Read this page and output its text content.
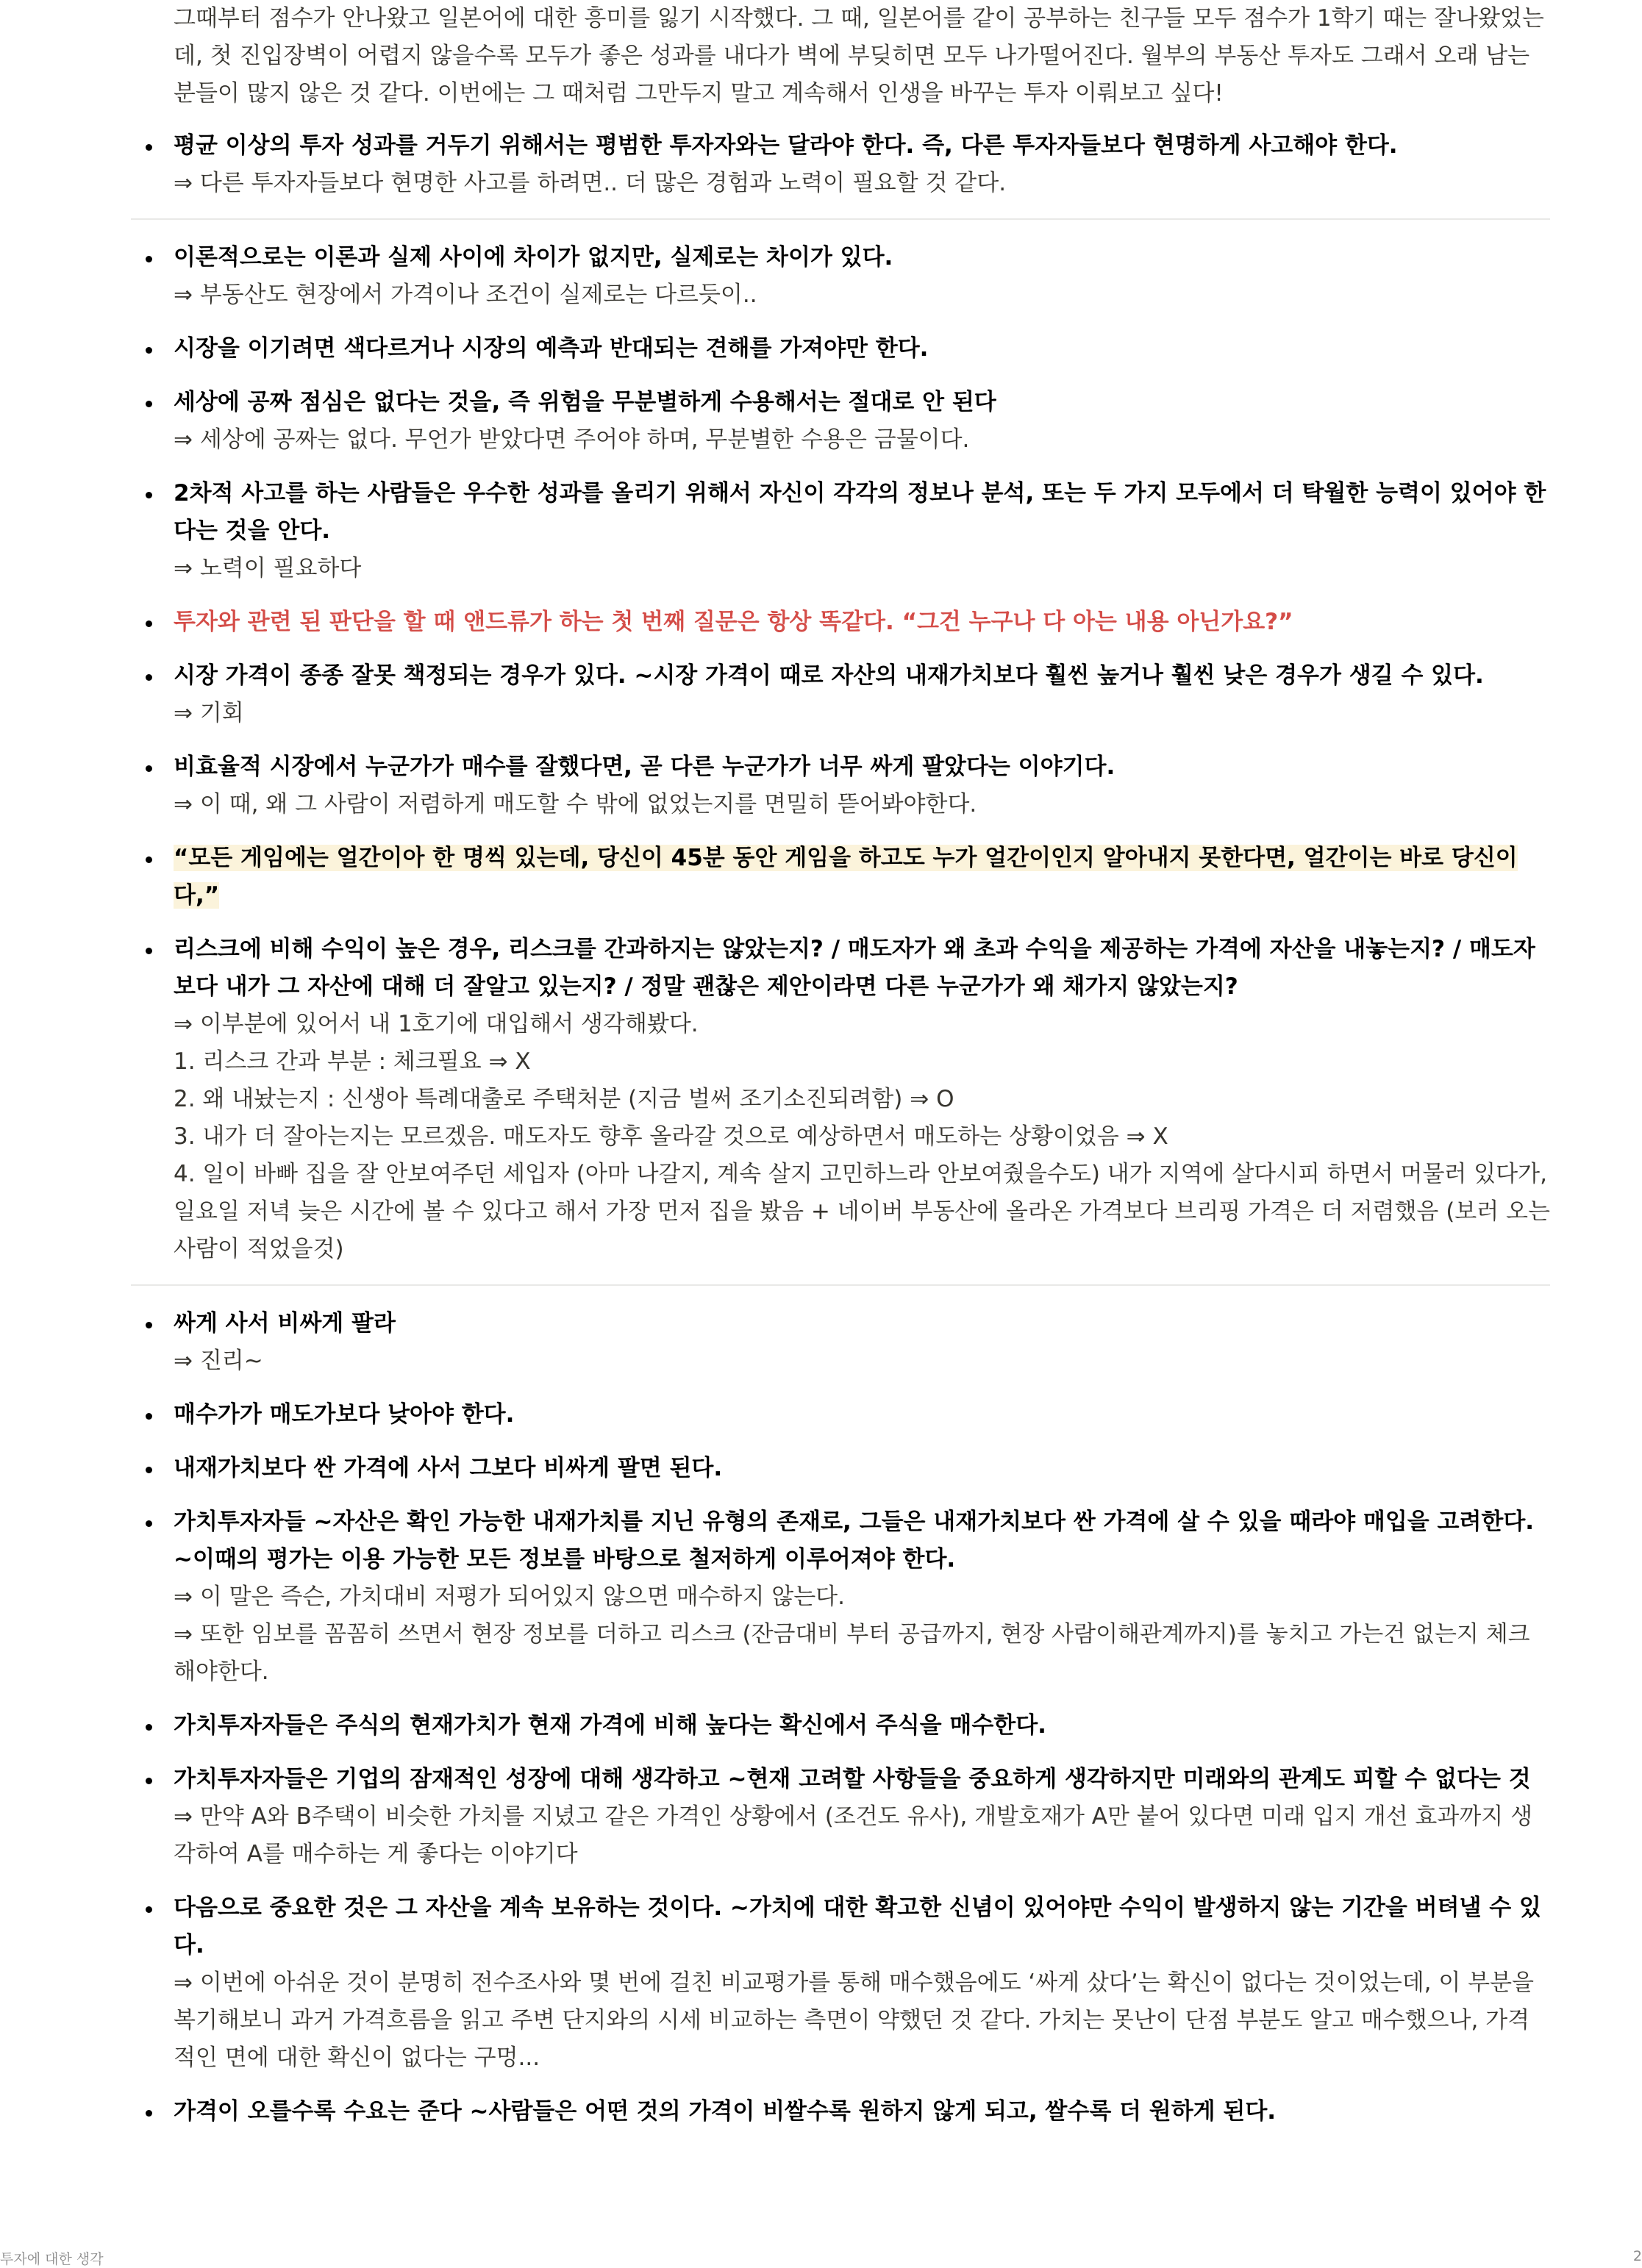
그때부터 점수가 안나왔고 일본어에 대한 흥미를 잃기 시작했다. 그 때, 일본어를 같이 공부하는 친구들 모두 점수가 1학기 때는 잘나왔었는데, 첫 진입장벽이 어렵지 않을수록 모두가 좋은 성과를 내다가 벽에 부딪히면 모두 나가떨어진다. 월부의 부동산 투자도 그래서 오래 남는 분들이 많지 않은 것 같다. 이번에는 그 때처럼 그만두지 말고 계속해서 인생을 바꾸는 투자 이뤄보고 싶다!

평균 이상의 투자 성과를 거두기 위해서는 평범한 투자자와는 달라야 한다. 즉, 다른 투자자들보다 현명하게 사고해야 한다.
⇒ 다른 투자자들보다 현명한 사고를 하려면.. 더 많은 경험과 노력이 필요할 것 같다.
이론적으로는 이론과 실제 사이에 차이가 없지만, 실제로는 차이가 있다.
⇒ 부동산도 현장에서 가격이나 조건이 실제로는 다르듯이..
시장을 이기려면 색다르거나 시장의 예측과 반대되는 견해를 가져야만 한다.
세상에 공짜 점심은 없다는 것을, 즉 위험을 무분별하게 수용해서는 절대로 안 된다
⇒ 세상에 공짜는 없다. 무언가 받았다면 주어야 하며, 무분별한 수용은 금물이다.
2차적 사고를 하는 사람들은 우수한 성과를 올리기 위해서 자신이 각각의 정보나 분석, 또는 두 가지 모두에서 더 탁월한 능력이 있어야 한다는 것을 안다.
⇒ 노력이 필요하다
투자와 관련 된 판단을 할 때 앤드류가 하는 첫 번째 질문은 항상 똑같다. “그건 누구나 다 아는 내용 아닌가요?”
시장 가격이 종종 잘못 책정되는 경우가 있다. ~시장 가격이 때로 자산의 내재가치보다 훨씬 높거나 훨씬 낮은 경우가 생길 수 있다.
⇒ 기회
비효율적 시장에서 누군가가 매수를 잘했다면, 곧 다른 누군가가 너무 싸게 팔았다는 이야기다.
⇒ 이 때, 왜 그 사람이 저렴하게 매도할 수 밖에 없었는지를 면밀히 뜯어봐야한다.
“모든 게임에는 얼간이아 한 명씩 있는데, 당신이 45분 동안 게임을 하고도 누가 얼간이인지 알아내지 못한다면, 얼간이는 바로 당신이다,”
리스크에 비해 수익이 높은 경우, 리스크를 간과하지는 않았는지? / 매도자가 왜 초과 수익을 제공하는 가격에 자산을 내놓는지? / 매도자보다 내가 그 자산에 대해 더 잘알고 있는지? / 정말 괜찮은 제안이라면 다른 누군가가 왜 채가지 않았는지?
⇒ 이부분에 있어서 내 1호기에 대입해서 생각해봤다.
1. 리스크 간과 부분 : 체크필요 ⇒ X
2. 왜 내놨는지 : 신생아 특례대출로 주택처분 (지금 벌써 조기소진되려함) ⇒ O
3. 내가 더 잘아는지는 모르겠음. 매도자도 향후 올라갈 것으로 예상하면서 매도하는 상황이었음 ⇒ X
4. 일이 바빠 집을 잘 안보여주던 세입자 (아마 나갈지, 계속 살지 고민하느라 안보여줬을수도) 내가 지역에 살다시피 하면서 머물러 있다가, 일요일 저녁 늦은 시간에 볼 수 있다고 해서 가장 먼저 집을 봤음 + 네이버 부동산에 올라온 가격보다 브리핑 가격은 더 저렴했음 (보러 오는 사람이 적었을것)
싸게 사서 비싸게 팔라
⇒ 진리~
매수가가 매도가보다 낮아야 한다.
내재가치보다 싼 가격에 사서 그보다 비싸게 팔면 된다.
가치투자자들 ~자산은 확인 가능한 내재가치를 지닌 유형의 존재로, 그들은 내재가치보다 싼 가격에 살 수 있을 때라야 매입을 고려한다. ~이때의 평가는 이용 가능한 모든 정보를 바탕으로 철저하게 이루어져야 한다.
⇒ 이 말은 즉슨, 가치대비 저평가 되어있지 않으면 매수하지 않는다.
⇒ 또한 임보를 꼼꼼히 쓰면서 현장 정보를 더하고 리스크 (잔금대비 부터 공급까지, 현장 사람이해관계까지)를 놓치고 가는건 없는지 체크해야한다.
가치투자자들은 주식의 현재가치가 현재 가격에 비해 높다는 확신에서 주식을 매수한다.
가치투자자들은 기업의 잠재적인 성장에 대해 생각하고 ~현재 고려할 사항들을 중요하게 생각하지만 미래와의 관계도 피할 수 없다는 것
⇒ 만약 A와 B주택이 비슷한 가치를 지녔고 같은 가격인 상황에서 (조건도 유사), 개발호재가 A만 붙어 있다면 미래 입지 개선 효과까지 생각하여 A를 매수하는 게 좋다는 이야기다
다음으로 중요한 것은 그 자산을 계속 보유하는 것이다. ~가치에 대한 확고한 신념이 있어야만 수익이 발생하지 않는 기간을 버텨낼 수 있다.
⇒ 이번에 아쉬운 것이 분명히 전수조사와 몇 번에 걸친 비교평가를 통해 매수했음에도 ‘싸게 샀다’는 확신이 없다는 것이었는데, 이 부분을 복기해보니 과거 가격흐름을 읽고 주변 단지와의 시세 비교하는 측면이 약했던 것 같다. 가치는 못난이 단점 부분도 알고 매수했으나, 가격적인 면에 대한 확신이 없다는 구멍...
가격이 오를수록 수요는 준다 ~사람들은 어떤 것의 가격이 비쌀수록 원하지 않게 되고, 쌀수록 더 원하게 된다.
투자에 대한 생각	2
